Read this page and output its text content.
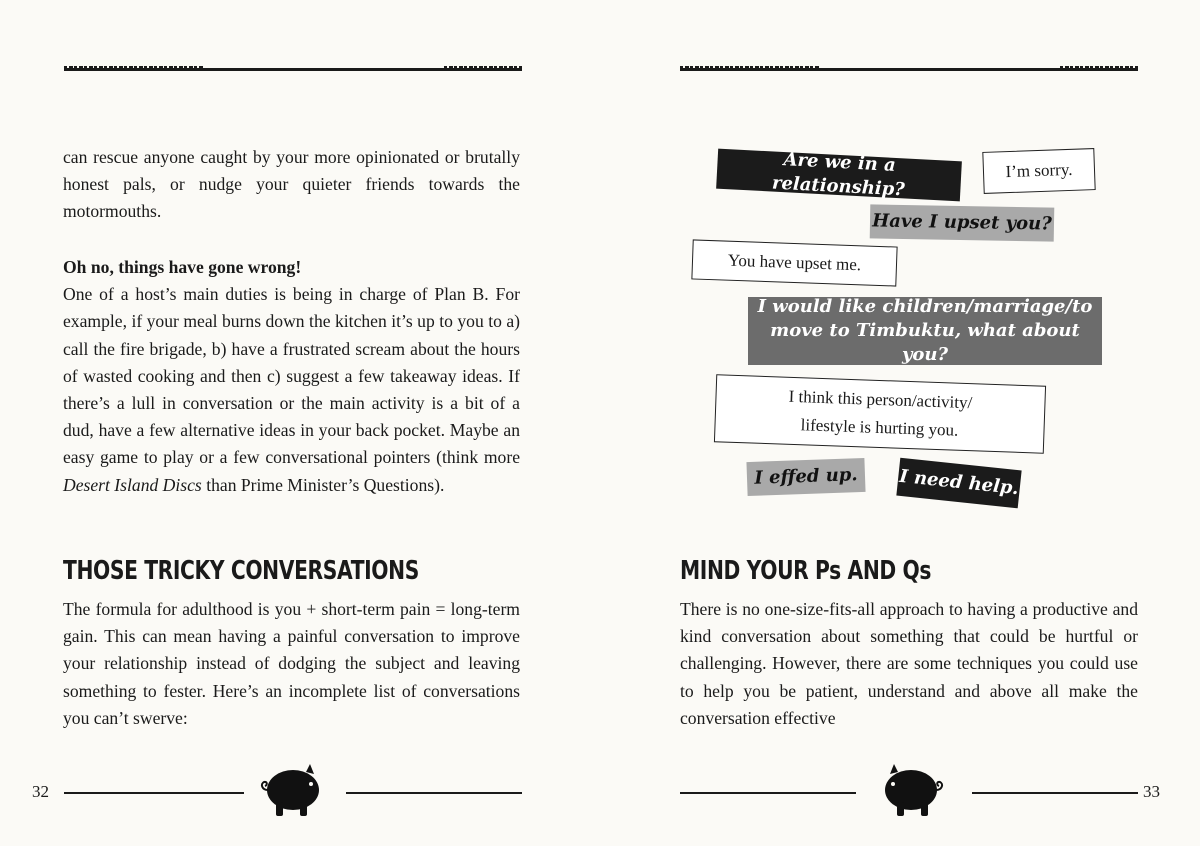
can rescue anyone caught by your more opinionated or brutally honest pals, or nudge your quieter friends towards the motormouths.

Oh no, things have gone wrong!

One of a host’s main duties is being in charge of Plan B. For example, if your meal burns down the kitchen it’s up to you to a) call the fire brigade, b) have a frustrated scream about the hours of wasted cooking and then c) suggest a few takeaway ideas. If there’s a lull in conversation or the main activity is a bit of a dud, have a few alternative ideas in your back pocket. Maybe an easy game to play or a few conversational pointers (think more Desert Island Discs than Prime Minister’s Questions).

THOSE TRICKY CONVERSATIONS

The formula for adulthood is you + short-term pain = long-term gain. This can mean having a painful conversation to improve your relationship instead of dodging the subject and leaving something to fester. Here’s an incomplete list of conversations you can’t swerve:

32
Are we in a relationship?
I’m sorry.
Have I upset you?
You have upset me.
I would like children/marriage/to
move to Timbuktu, what about you?
I think this person/activity/
lifestyle is hurting you.
I effed up.	I need help.
MIND YOUR Ps AND Qs

There is no one-size-fits-all approach to having a productive and kind conversation about something that could be hurtful or challenging. However, there are some techniques you could use to help you be patient, understand and above all make the conversation effective

33
